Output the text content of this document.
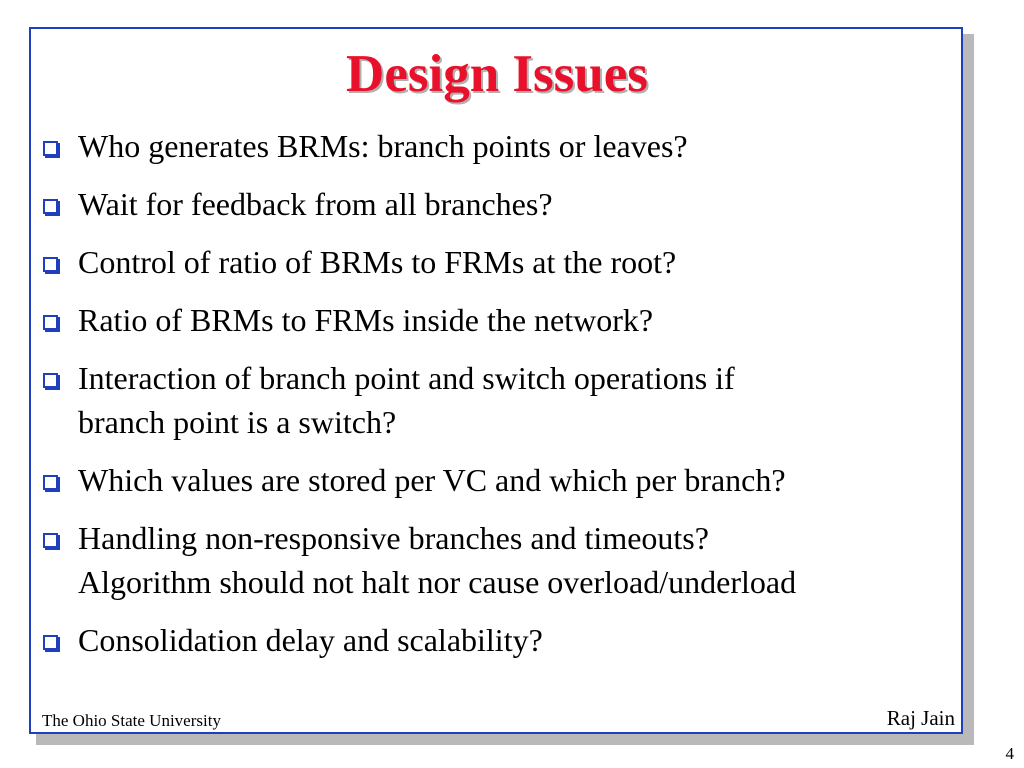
Design Issues
Who generates BRMs: branch points or leaves?
Wait for feedback from all branches?
Control of ratio of BRMs to FRMs at the root?
Ratio of BRMs to FRMs inside the network?
Interaction of branch point and switch operations if
branch point is a switch?
Which values are stored per VC and which per branch?
Handling non-responsive branches and timeouts?
Algorithm should not halt nor cause overload/underload
Consolidation delay and scalability?
The Ohio State University	Raj Jain
4
